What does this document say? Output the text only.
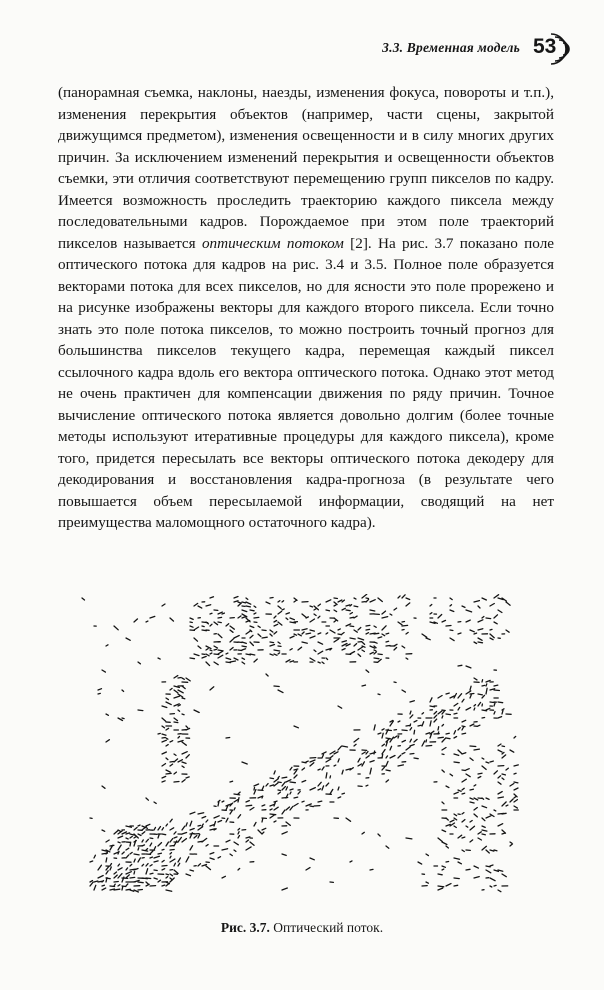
3.3. Временная модель 53

(панорамная съемка, наклоны, наезды, изменения фокуса, повороты и т.п.), изменения перекрытия объектов (например, части сцены, закрытой движущимся предметом), изменения освещенности и в силу многих других причин. За исключением изменений перекрытия и освещенности объектов съемки, эти отличия соответствуют перемещению групп пикселов по кадру. Имеется возможность проследить траекторию каждого пиксела между последовательными кадров. Порождаемое при этом поле траекторий пикселов называется оптическим потоком [2]. На рис. 3.7 показано поле оптического потока для кадров на рис. 3.4 и 3.5. Полное поле образуется векторами потока для всех пикселов, но для ясности это поле прорежено и на рисунке изображены векторы для каждого второго пиксела. Если точно знать это поле потока пикселов, то можно построить точный прогноз для большинства пикселов текущего кадра, перемещая каждый пиксел ссылочного кадра вдоль его вектора оптического потока. Однако этот метод не очень практичен для компенсации движения по ряду причин. Точное вычисление оптического потока является довольно долгим (более точные методы используют итеративные процедуры для каждого пиксела), кроме того, придется пересылать все векторы оптического потока декодеру для декодирования и восстановления кадра-прогноза (в результате чего повышается объем пересылаемой информации, сводящий на нет преимущества маломощного остаточного кадра).

Рис. 3.7. Оптический поток.
